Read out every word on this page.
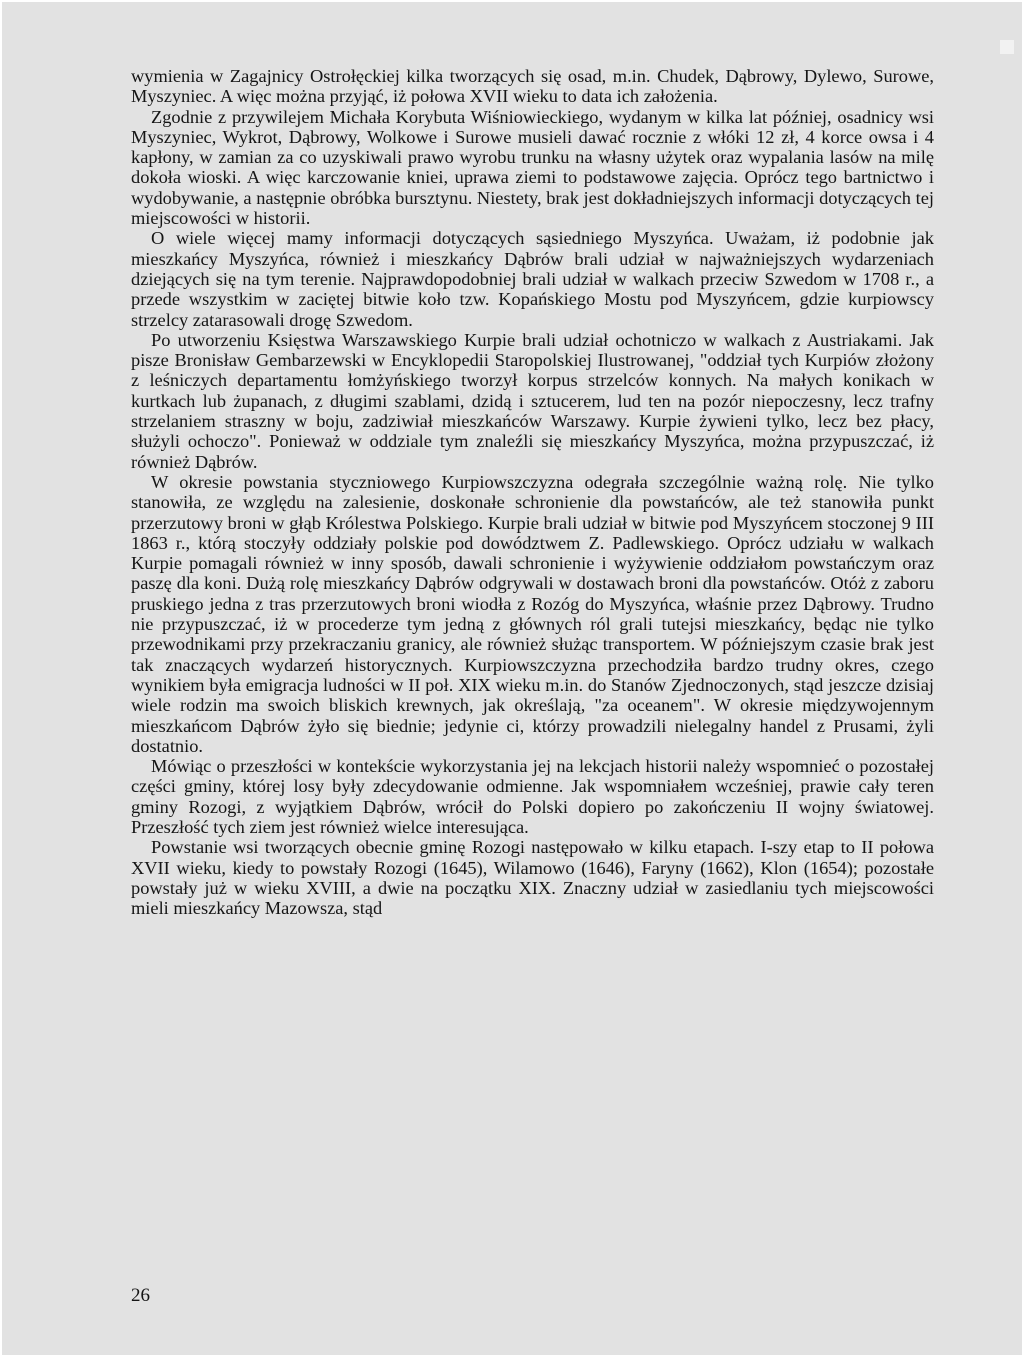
wymienia w Zagajnicy Ostrołęckiej kilka tworzących się osad, m.in. Chudek, Dąbrowy, Dylewo, Surowe, Myszyniec. A więc można przyjąć, iż połowa XVII wieku to data ich założenia.

Zgodnie z przywilejem Michała Korybuta Wiśniowieckiego, wydanym w kilka lat później, osadnicy wsi Myszyniec, Wykrot, Dąbrowy, Wolkowe i Surowe musieli dawać rocznie z włóki 12 zł, 4 korce owsa i 4 kapłony, w zamian za co uzyskiwali prawo wyrobu trunku na własny użytek oraz wypalania lasów na milę dokoła wioski. A więc karczowanie kniei, uprawa ziemi to podstawowe zajęcia. Oprócz tego bartnictwo i wydobywanie, a następnie obróbka bursztynu. Niestety, brak jest dokładniejszych informacji dotyczących tej miejscowości w historii.

O wiele więcej mamy informacji dotyczących sąsiedniego Myszyńca. Uważam, iż podobnie jak mieszkańcy Myszyńca, również i mieszkańcy Dąbrów brali udział w najważniejszych wydarzeniach dziejących się na tym terenie. Najprawdopodobniej brali udział w walkach przeciw Szwedom w 1708 r., a przede wszystkim w zaciętej bitwie koło tzw. Kopańskiego Mostu pod Myszyńcem, gdzie kurpiowscy strzelcy zatarasowali drogę Szwedom.

Po utworzeniu Księstwa Warszawskiego Kurpie brali udział ochotniczo w walkach z Austriakami. Jak pisze Bronisław Gembarzewski w Encyklopedii Staropolskiej Ilustrowanej, "oddział tych Kurpiów złożony z leśniczych departamentu łomżyńskiego tworzył korpus strzelców konnych. Na małych konikach w kurtkach lub żupanach, z długimi szablami, dzidą i sztucerem, lud ten na pozór niepoczesny, lecz trafny strzelaniem straszny w boju, zadziwiał mieszkańców Warszawy. Kurpie żywieni tylko, lecz bez płacy, służyli ochoczo". Ponieważ w oddziale tym znaleźli się mieszkańcy Myszyńca, można przypuszczać, iż również Dąbrów.

W okresie powstania styczniowego Kurpiowszczyzna odegrała szczególnie ważną rolę. Nie tylko stanowiła, ze względu na zalesienie, doskonałe schronienie dla powstańców, ale też stanowiła punkt przerzutowy broni w głąb Królestwa Polskiego. Kurpie brali udział w bitwie pod Myszyńcem stoczonej 9 III 1863 r., którą stoczyły oddziały polskie pod dowództwem Z. Padlewskiego. Oprócz udziału w walkach Kurpie pomagali również w inny sposób, dawali schronienie i wyżywienie oddziałom powstańczym oraz paszę dla koni. Dużą rolę mieszkańcy Dąbrów odgrywali w dostawach broni dla powstańców. Otóż z zaboru pruskiego jedna z tras przerzutowych broni wiodła z Rozóg do Myszyńca, właśnie przez Dąbrowy. Trudno nie przypuszczać, iż w procederze tym jedną z głównych ról grali tutejsi mieszkańcy, będąc nie tylko przewodnikami przy przekraczaniu granicy, ale również służąc transportem. W późniejszym czasie brak jest tak znaczących wydarzeń historycznych. Kurpiowszczyzna przechodziła bardzo trudny okres, czego wynikiem była emigracja ludności w II poł. XIX wieku m.in. do Stanów Zjednoczonych, stąd jeszcze dzisiaj wiele rodzin ma swoich bliskich krewnych, jak określają, "za oceanem". W okresie międzywojennym mieszkańcom Dąbrów żyło się biednie; jedynie ci, którzy prowadzili nielegalny handel z Prusami, żyli dostatnio.

Mówiąc o przeszłości w kontekście wykorzystania jej na lekcjach historii należy wspomnieć o pozostałej części gminy, której losy były zdecydowanie odmienne. Jak wspomniałem wcześniej, prawie cały teren gminy Rozogi, z wyjątkiem Dąbrów, wrócił do Polski dopiero po zakończeniu II wojny światowej. Przeszłość tych ziem jest również wielce interesująca.

Powstanie wsi tworzących obecnie gminę Rozogi następowało w kilku etapach. I-szy etap to II połowa XVII wieku, kiedy to powstały Rozogi (1645), Wilamowo (1646), Faryny (1662), Klon (1654); pozostałe powstały już w wieku XVIII, a dwie na początku XIX. Znaczny udział w zasiedlaniu tych miejscowości mieli mieszkańcy Mazowsza, stąd

26
